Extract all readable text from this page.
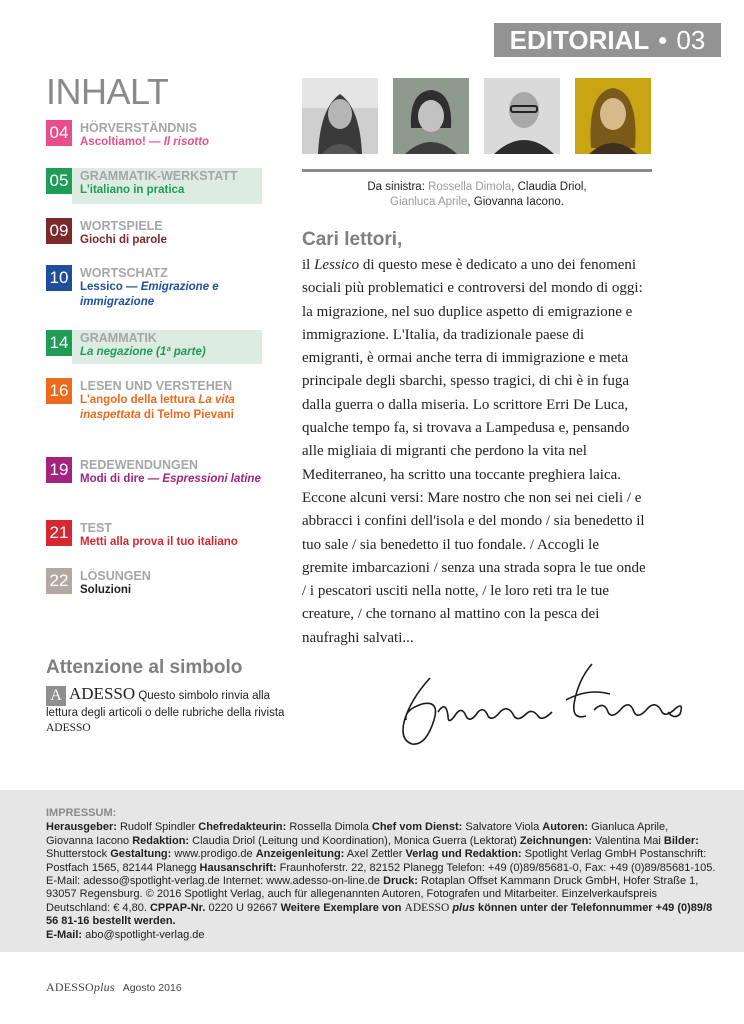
EDITORIAL • 03
INHALT
04 HÖRVERSTÄNDNIS
Ascoltiamo! — Il risotto
05 GRAMMATIK-WERKSTATT
L'italiano in pratica
09 WORTSPIELE
Giochi di parole
10 WORTSCHATZ
Lessico — Emigrazione e immigrazione
14 GRAMMATIK
La negazione (1ª parte)
16 LESEN UND VERSTEHEN
L'angolo della lettura La vita inaspettata di Telmo Pievani
19 REDEWENDUNGEN
Modi di dire — Espressioni latine
21 TEST
Metti alla prova il tuo italiano
22 LÖSUNGEN
Soluzioni
Da sinistra: Rossella Dimola, Claudia Driol,
Gianluca Aprile, Giovanna Iacono.
Cari lettori,
il Lessico di questo mese è dedicato a uno dei fenomeni sociali più problematici e controversi del mondo di oggi: la migrazione, nel suo duplice aspetto di emigrazione e immigrazione. L'Italia, da tradizionale paese di emigranti, è ormai anche terra di immigrazione e meta principale degli sbarchi, spesso tragici, di chi è in fuga dalla guerra o dalla miseria. Lo scrittore Erri De Luca, qualche tempo fa, si trovava a Lampedusa e, pensando alle migliaia di migranti che perdono la vita nel Mediterraneo, ha scritto una toccante preghiera laica. Eccone alcuni versi: Mare nostro che non sei nei cieli / e abbracci i confini dell'isola e del mondo / sia benedetto il tuo sale / sia benedetto il tuo fondale. / Accogli le gremite imbarcazioni / senza una strada sopra le tue onde / i pescatori usciti nella notte, / le loro reti tra le tue creature, / che tornano al mattino con la pesca dei naufraghi salvati...
Attenzione al simbolo
A ADESSO Questo simbolo rinvia alla lettura degli articoli o delle rubriche della rivista ADESSO
IMPRESSUM:
Herausgeber: Rudolf Spindler Chefredakteurin: Rossella Dimola Chef vom Dienst: Salvatore Viola Autoren: Gianluca Aprile, Giovanna Iacono Redaktion: Claudia Driol (Leitung und Koordination), Monica Guerra (Lektorat) Zeichnungen: Valentina Mai Bilder: Shutterstock Gestaltung: www.prodigo.de Anzeigenleitung: Axel Zettler Verlag und Redaktion: Spotlight Verlag GmbH Postanschrift: Postfach 1565, 82144 Planegg Hausanschrift: Fraunhoferstr. 22, 82152 Planegg Telefon: +49 (0)89/85681-0, Fax: +49 (0)89/85681-105. E-Mail: adesso@spotlight-verlag.de Internet: www.adesso-on-line.de Druck: Rotaplan Offset Kammann Druck GmbH, Hofer Straße 1, 93057 Regensburg. © 2016 Spotlight Verlag, auch für allegenannten Autoren, Fotografen und Mitarbeiter. Einzelverkaufspreis Deutschland: € 4,80. CPPAP-Nr. 0220 U 92667 Weitere Exemplare von ADESSO plus können unter der Telefonnummer +49 (0)89/8 56 81-16 bestellt werden.
E-Mail: abo@spotlight-verlag.de
ADESSOplus Agosto 2016
